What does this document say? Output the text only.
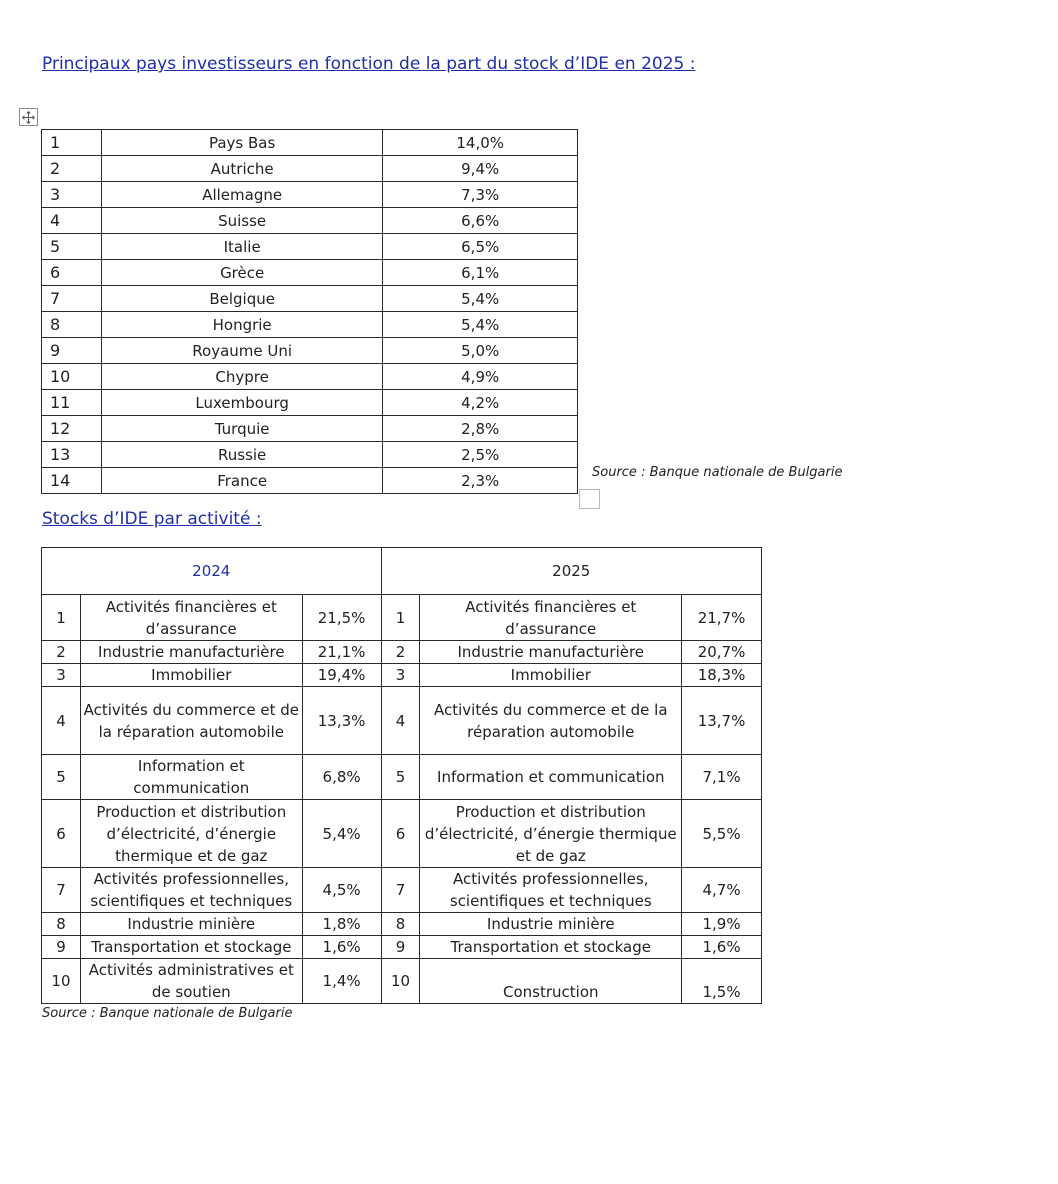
Principaux pays investisseurs en fonction de la part du stock d’IDE en 2025 :

1	Pays Bas	14,0%
2	Autriche	9,4%
3	Allemagne	7,3%
4	Suisse	6,6%
5	Italie	6,5%
6	Grèce	6,1%
7	Belgique	5,4%
8	Hongrie	5,4%
9	Royaume Uni	5,0%
10	Chypre	4,9%
11	Luxembourg	4,2%
12	Turquie	2,8%
13	Russie	2,5%
14	France	2,3%	Source : Banque nationale de Bulgarie

Stocks d’IDE par activité :

2024			2025		
1	Activités financières et d’assurance	21,5%	1	Activités financières et d’assurance	21,7%
2	Industrie manufacturière	21,1%	2	Industrie manufacturière	20,7%
3	Immobilier	19,4%	3	Immobilier	18,3%
4	Activités du commerce et de la réparation automobile	13,3%	4	Activités du commerce et de la réparation automobile	13,7%
5	Information et communication	6,8%	5	Information et communication	7,1%
6	Production et distribution d’électricité, d’énergie thermique et de gaz	5,4%	6	Production et distribution d’électricité, d’énergie thermique et de gaz	5,5%
7	Activités professionnelles, scientifiques et techniques	4,5%	7	Activités professionnelles, scientifiques et techniques	4,7%
8	Industrie minière	1,8%	8	Industrie minière	1,9%
9	Transportation et stockage	1,6%	9	Transportation et stockage	1,6%
10	Activités administratives et de soutien	1,4%	10	Construction	1,5%
Source : Banque nationale de Bulgarie
